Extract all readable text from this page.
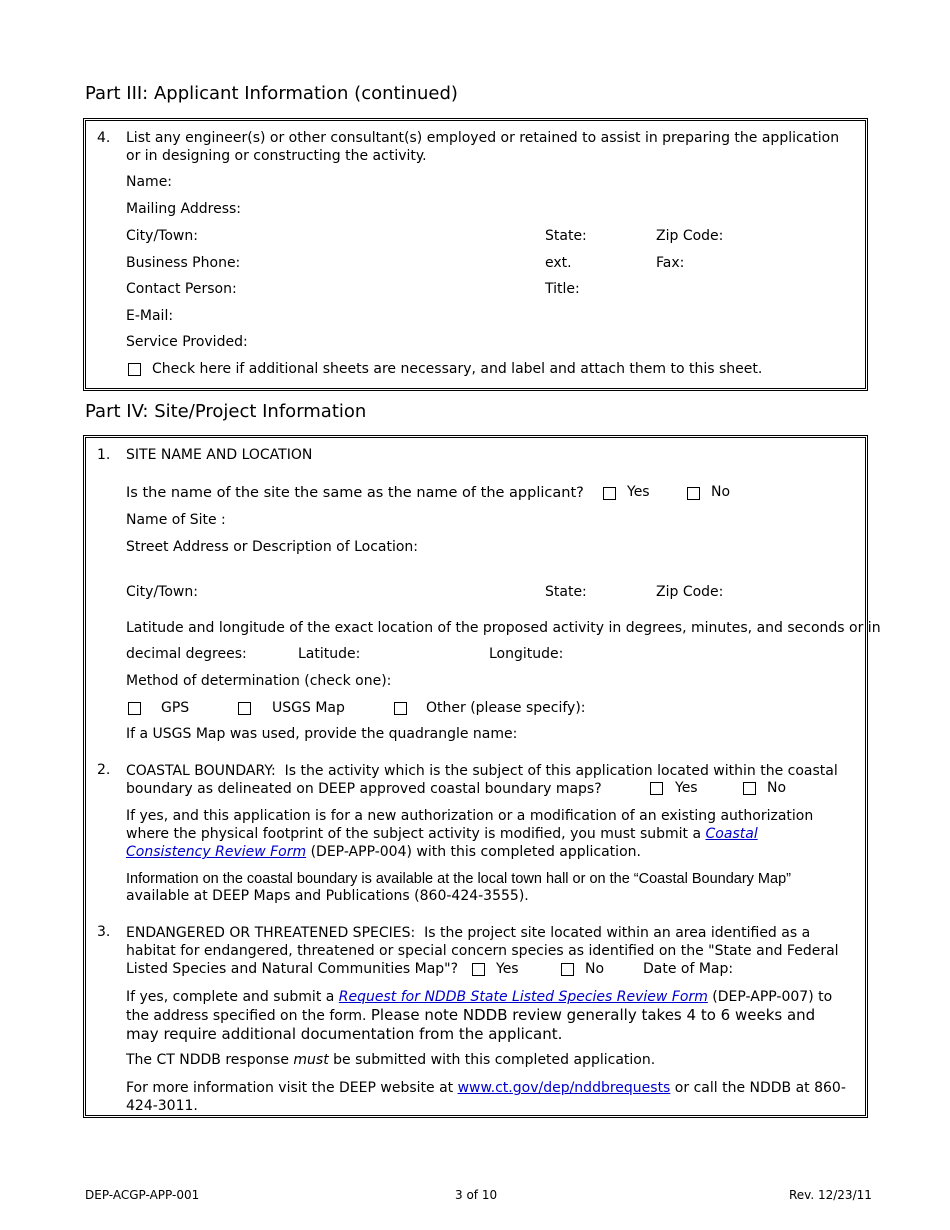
Part III: Applicant Information (continued)
4. List any engineer(s) or other consultant(s) employed or retained to assist in preparing the application or in designing or constructing the activity.
Name:
Mailing Address:
City/Town:	State:	Zip Code:
Business Phone:	ext.	Fax:
Contact Person:	Title:
E-Mail:
Service Provided:
Check here if additional sheets are necessary, and label and attach them to this sheet.
Part IV: Site/Project Information
1. SITE NAME AND LOCATION
Is the name of the site the same as the name of the applicant?	Yes	No
Name of Site :
Street Address or Description of Location:
City/Town:	State:	Zip Code:
Latitude and longitude of the exact location of the proposed activity in degrees, minutes, and seconds or in
decimal degrees:	Latitude:	Longitude:
Method of determination (check one):
GPS	USGS Map	Other (please specify):
If a USGS Map was used, provide the quadrangle name:
2. COASTAL BOUNDARY: Is the activity which is the subject of this application located within the coastal boundary as delineated on DEEP approved coastal boundary maps?	Yes	No
If yes, and this application is for a new authorization or a modification of an existing authorization where the physical footprint of the subject activity is modified, you must submit a Coastal Consistency Review Form (DEP-APP-004) with this completed application.
Information on the coastal boundary is available at the local town hall or on the “Coastal Boundary Map”
available at DEEP Maps and Publications (860-424-3555).
3. ENDANGERED OR THREATENED SPECIES: Is the project site located within an area identified as a habitat for endangered, threatened or special concern species as identified on the "State and Federal Listed Species and Natural Communities Map"?	Yes	No	Date of Map:
If yes, complete and submit a Request for NDDB State Listed Species Review Form (DEP-APP-007) to the address specified on the form. Please note NDDB review generally takes 4 to 6 weeks and may require additional documentation from the applicant.
The CT NDDB response must be submitted with this completed application.
For more information visit the DEEP website at www.ct.gov/dep/nddbrequests or call the NDDB at 860-424-3011.
DEP-ACGP-APP-001	3 of 10	Rev. 12/23/11
